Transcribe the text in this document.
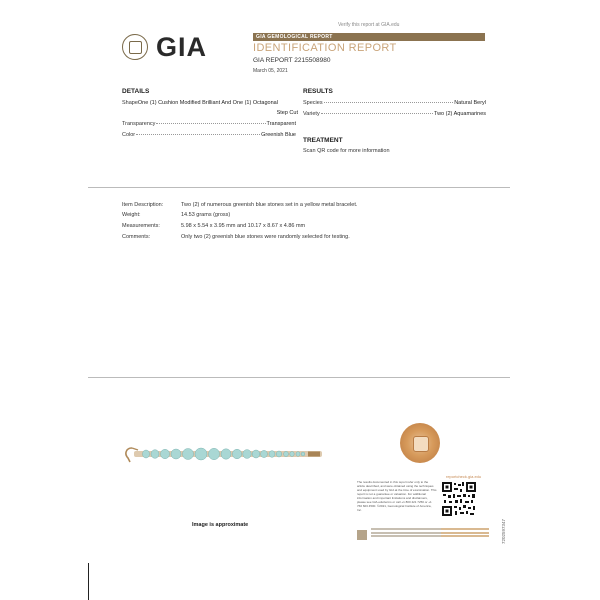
Verify this report at GIA.edu
GIA	GIA GEMOLOGICAL REPORT
IDENTIFICATION REPORT
GIA REPORT 2215508980
March 05, 2021
DETAILS
Shape One (1) Cushion Modified Brilliant And One (1) Octagonal
Step Cut
Transparency	Transparent
Color	Greenish Blue
RESULTS
Species	Natural Beryl
Variety	Two (2) Aquamarines
TREATMENT
Scan QR code for more information
Item Description:	Two (2) of numerous greenish blue stones set in a yellow metal bracelet.
Weight:	14.53 grams (gross)
Measurements:	5.98 x 5.54 x 3.95 mm and 10.17 x 8.67 x 4.86 mm
Comments:	Only two (2) greenish blue stones were randomly selected for testing.
Image is approximate
The results documented in this report refer only to the article described, and were obtained using the techniques and equipment used by GIA at the time of examination. This report is not a guarantee or valuation. For additional information and important limitations and disclaimers, please see GIA.edu/terms or call +1 800 421 7250 or +1 760 603 4500. ©2021, Gemological Institute of America, Inc.
reportcheck.gia.edu
7202597347
